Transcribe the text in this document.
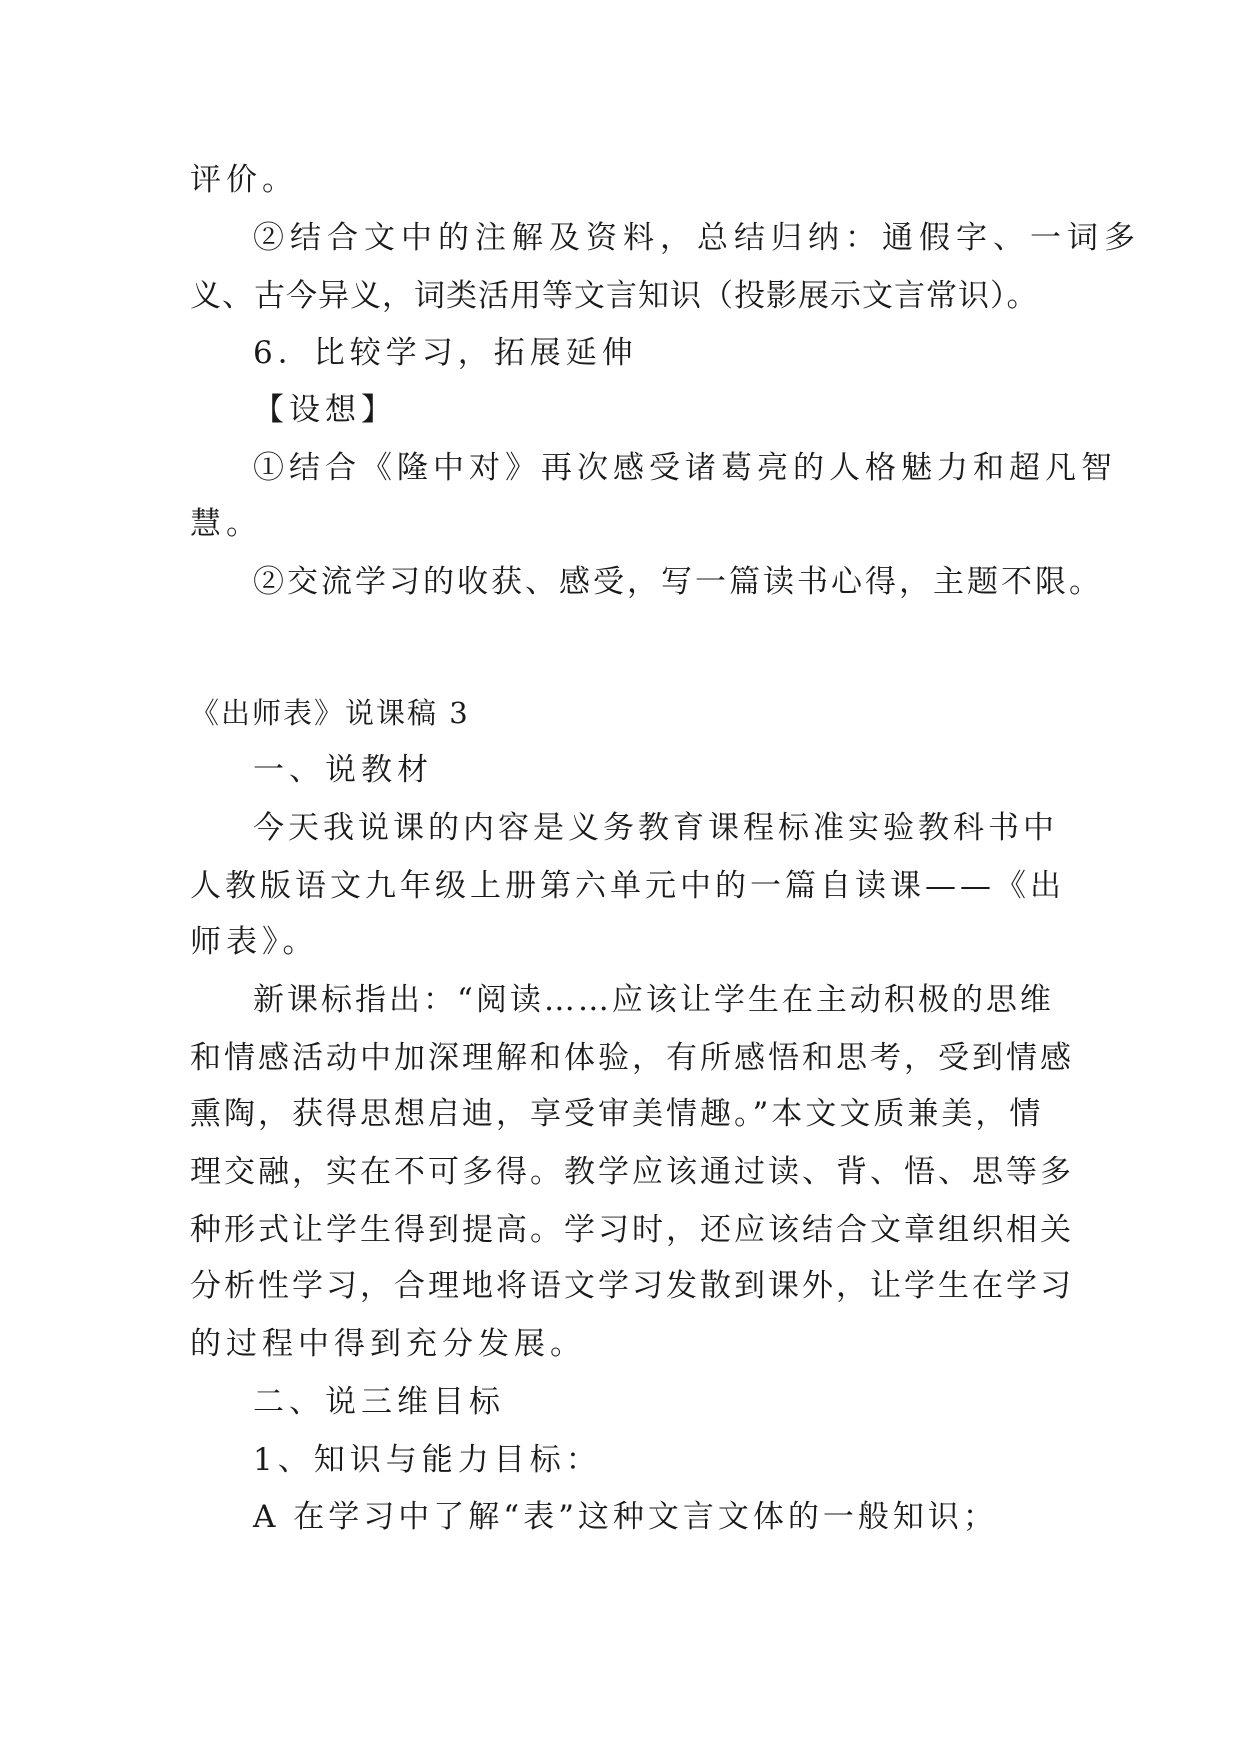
评价。
②结合文中的注解及资料，总结归纳：通假字、一词多
义、古今异义，词类活用等文言知识（投影展示文言常识）。
6．比较学习，拓展延伸
【设想】
①结合《隆中对》再次感受诸葛亮的人格魅力和超凡智
慧。
②交流学习的收获、感受，写一篇读书心得，主题不限。
《出师表》说课稿 3
一、说教材
今天我说课的内容是义务教育课程标准实验教科书中
人教版语文九年级上册第六单元中的一篇自读课——《出
师表》。
新课标指出：“阅读……应该让学生在主动积极的思维
和情感活动中加深理解和体验，有所感悟和思考，受到情感
熏陶，获得思想启迪，享受审美情趣。”本文文质兼美，情
理交融，实在不可多得。教学应该通过读、背、悟、思等多
种形式让学生得到提高。学习时，还应该结合文章组织相关
分析性学习，合理地将语文学习发散到课外，让学生在学习
的过程中得到充分发展。
二、说三维目标
1、知识与能力目标：
A 在学习中了解“表”这种文言文体的一般知识；
